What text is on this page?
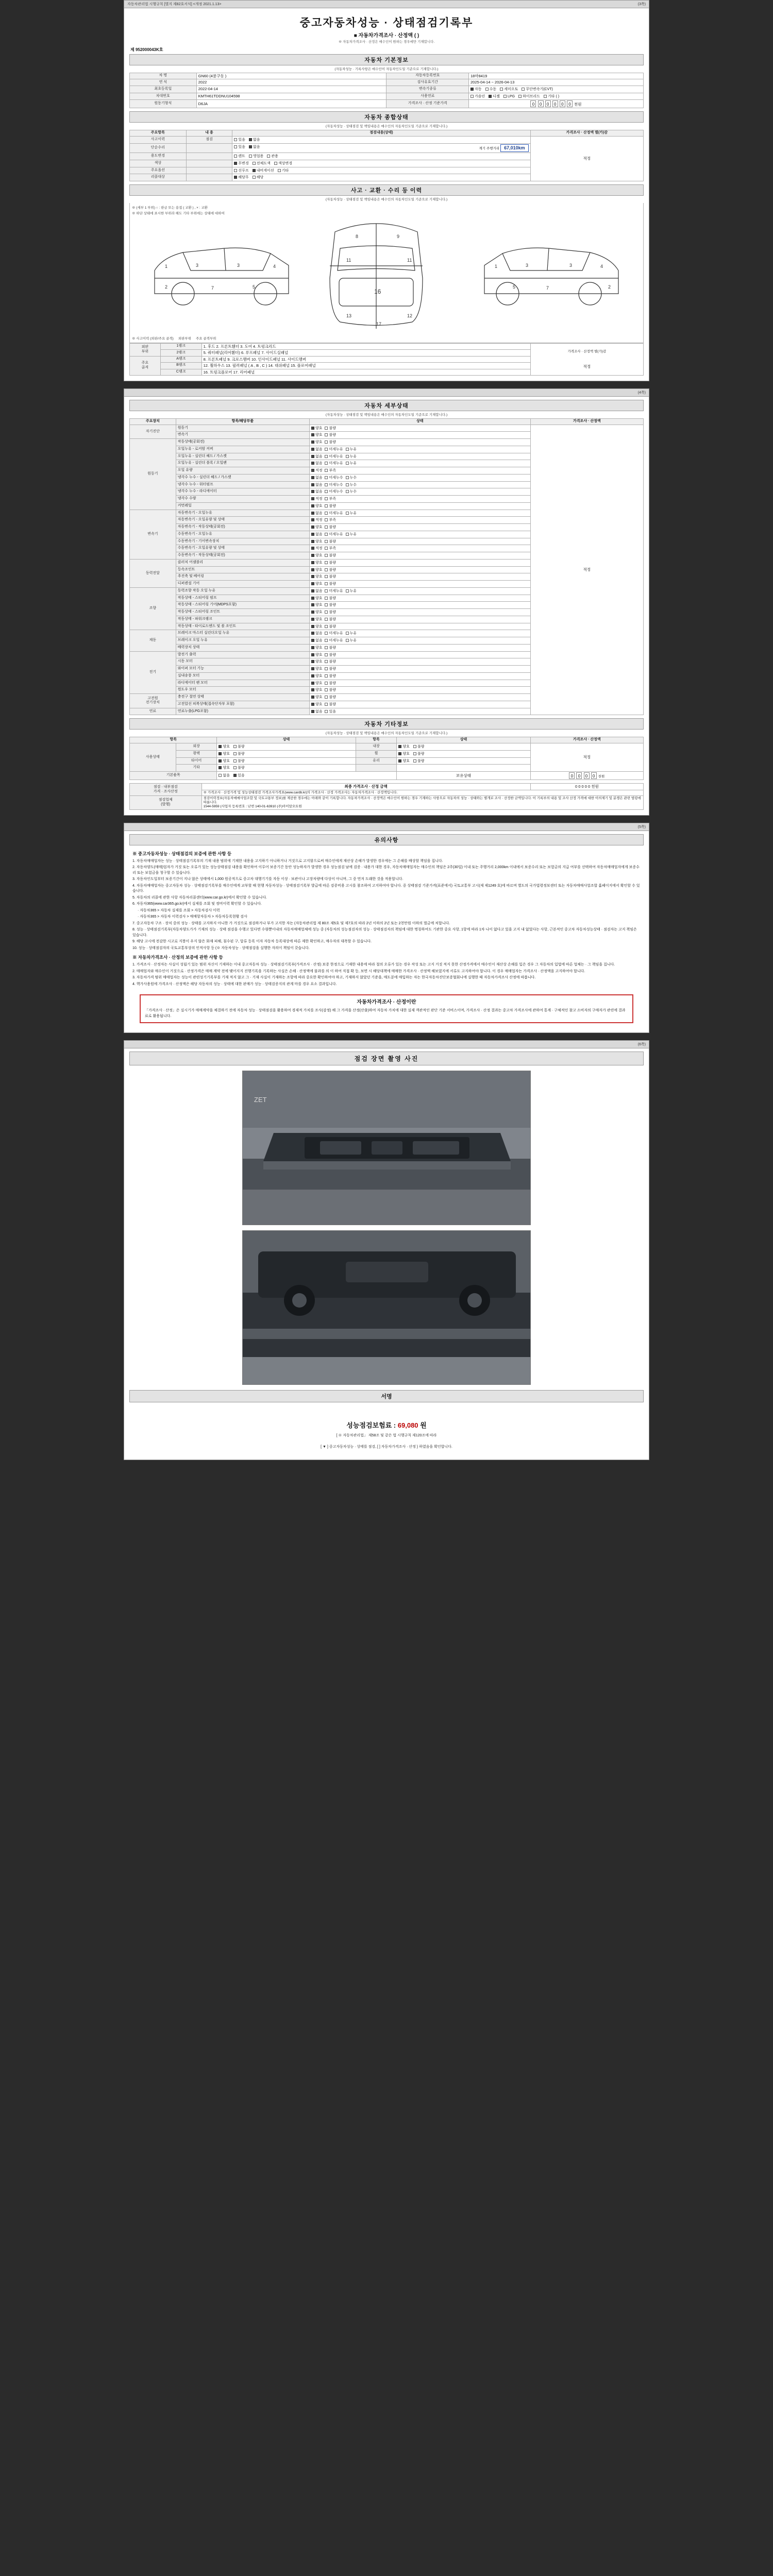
자동차관리법 시행규칙 [별지 제82호서식] <개정 2021.1.13>	(3쪽)
중고자동차성능 · 상태점검기록부
■ 자동차가격조사 · 산정액 ( )
※ 자동차가격조사 · 산정은 매수인이 원하는 경우에만 기재합니다.
제 952000043K호
자동차 기본정보
(자동차성능 · 기록사항은 매수인이 자동차인도일 기준으로 기재합니다.)
차 명	GN60 (4륜구동 )	자동차등록번호	18마8419
연 식	2022	검사유효기간	2025-04-14 ~ 2026-04-13
최초등록일	2022-04-14	변속기종류	자동 수동 세미오토 무단변속기(CVT)
차대번호	KMTH61TDDNU104598	사용연료	가솔린 디젤 LPG 하이브리드 기타 ( )
원동기형식	D6JA	가격조사 · 산정 기준가격	0 0 0 0 0 0 천원
자동차 종합상태
(자동차성능 · 상태점검 및 책임내용은 매수인의 자동차인도일 기준으로 기재합니다.)
주요항목	내 용	점검내용(상태)	가격조사 · 산정액 별(가)감
사고이력	점검	있음 없음	적정

단순수리		있음 없음 계기 주행거리 67,010km	

용도변경		렌트 영업용 관용	
색상		무변경 전체도색 색상변경	
주요옵션		선루프 내비게이션 기타	
리콜대상		해당무 해당	
사고 · 교환 · 수리 등 이력
(자동차성능 · 상태점검 및 책임내용은 매수인의 자동차인도일 기준으로 기재합니다.)
※ (세부 1 부위) ○ : 판금 또는 용접 ( 교환 ) , × : 교환
※ 하단 상태에 표시한 부위라 해도 기타 부위에는 상태에 대하여
16
1	3	3	4
7	5
2
1	3	3	4
7
5	2
8	9
11	11
13	12
17
※ 사고이력 (외판/주요 골격) 외판부위 주요 골격부위
외판
부위	1랭크	1. 후드 2. 프론트휀더 3. 도어 4. 트렁크리드	
가격조사 · 산정액 별(가)감
적정

	2랭크	5. 쿼터패널(리어휀더) 6. 루프패널 7. 사이드실패널	
주요
골격	A랭크	8. 프론트패널 9. 크로스맴버 10. 인사이드패널 11. 사이드멤버	
	B랭크	12. 휠하우스 13. 필러패널 ( A , B , C ) 14. 대쉬패널 15. 플로어패널	
	C랭크	16. 트렁크플로어 17. 리어패널	
(4쪽)
자동차 세부상태
(자동차성능 · 상태점검 및 책임내용은 매수인의 자동차인도일 기준으로 기재합니다.)
주요장치	항목/해당부품	상태	가격조사 · 산정액
자기진단	원동기	양호 불량	적정
	변속기	양호 불량	
원동기	작동상태(공회전)	양호 불량	
	오일누유 - 로커암 커버	없음 미세누유 누유	
	오일누유 - 실린더 헤드 / 가스켓	없음 미세누유 누유	
	오일누유 - 실린더 블록 / 오일팬	없음 미세누유 누유	
	오일 유량	적정 부족	
	냉각수 누수 - 실린더 헤드 / 가스켓	없음 미세누수 누수	
	냉각수 누수 - 워터펌프	없음 미세누수 누수	
	냉각수 누수 - 라디에이터	없음 미세누수 누수	
	냉각수 수량	적정 부족	
	커먼레일	양호 불량	
변속기	자동변속기 - 오일누유	없음 미세누유 누유	
	자동변속기 - 오일유량 및 상태	적정 부족	
	자동변속기 - 작동상태(공회전)	양호 불량	
	수동변속기 - 오일누유	없음 미세누유 누유	
	수동변속기 - 기어변속장치	양호 불량	
	수동변속기 - 오일유량 및 상태	적정 부족	
	수동변속기 - 작동상태(공회전)	양호 불량	
동력전달	클러치 어셈블리	양호 불량	
	등속조인트	양호 불량	
	추진축 및 베어링	양호 불량	
	디퍼렌셜 기어	양호 불량	
조향	동력조향 작동 오일 누유	없음 미세누유 누유	
	작동상태 - 스티어링 펌프	양호 불량	
	작동상태 - 스티어링 기어(MDPS포함)	양호 불량	
	작동상태 - 스티어링 조인트	양호 불량	
	작동상태 - 파워크랭크	양호 불량	
	작동상태 - 타이로드엔드 및 볼 조인트	양호 불량	
제동	브레이크 마스터 실린더오일 누유	없음 미세누유 누유	
	브레이크 오일 누유	없음 미세누유 누유	
	배력장치 상태	양호 불량	
전기	발전기 출력	양호 불량	
	시동 모터	양호 불량	
	와이퍼 모터 기능	양호 불량	
	실내송풍 모터	양호 불량	
	라디에이터 팬 모터	양호 불량	
	윈도우 모터	양호 불량	
고전원
전기장치	충전구 절연 상태	양호 불량	
	고전압선 피복상태(접속단자부 포함)	양호 불량	
연료	연료누출(LPG포함)	없음 있음	
자동차 기타정보
(자동차성능 · 상태점검 및 책임내용은 매수인의 자동차인도일 기준으로 기재합니다.)
항목		상태	항목	상태	가격조사 · 산정액
사용상태	외장	양호 불량	내장	양호 불량	적정
	광택	양호 불량	휠	양호 불량	
	타이어	양호 불량	유리	양호 불량	
	기타	양호 불량			
기본품목		없음 있음		보유상태	0 0 0 0 천원
점검 · 내부점검
가격 · 조사산정	최종 가격조사 · 산정 금액	0 0 0 0 0 천원
	※ 가격조사 · 산정가격 및 성능상태점검 가격조사가격표(www.cardb.kr)의 가격조사 · 산정 가격조사는 자동차가격조사 · 산정액입니다.	
점검업체
(발행)	점검이력정보(자동차매매사업조합 및 국토교통부 정보)를 제공한 경우에는 아래와 같이 기록합니다. 자동차가격조사 · 산정액은 매수인이 원하는 경우 기재하는 사항으로 자동차의 성능 · 상태와는 별개로 조사 · 산정한 금액입니다. 이 기록부의 내용 및 조사 산정 가격에 대한 이의제기 및 분쟁은 관련 법령에 따릅니다.
1544-5959 (사업자 등록번호 : 난번 140-01-63910 (주)아이알오토원	
(5쪽)
유의사항
※ 중고자동차성능 · 상태점검의 보증에 관한 사항 등

1. 자동차매매업자는 성능 · 상태점검기록부의 기재 내용 범위에 기재한 내용을 고지하기 아니하거나 거짓으로 고지함으로써 매수인에게 재산상 손해가 발생한 경우에는 그 손해를 배상할 책임을 집니다.

2. 자동차양도(매매)업자가 거짓 또는 오류가 있는 성능상태점검 내용을 확인하여 이루어 보증기간 동안 성능하자가 발생한 경우 성능점검 남에 검증 · 내용가 대한 경우, 자동차매매업자는 매수인의 책임은 2주(30일) 이내 또는 주행거리 2,000km 이내에서 보증수리 또는 보험금의 지급 여부를 선택하여 자동차매매업자에게 보증수리 또는 보험금을 청구할 수 있습니다.

3. 자동차인도일부터 보증기간이 지나 않은 상태에서 1,000 원공적으로 중고차 대행기기를 자동 이상 · 보관이나 고장차량에 다상이 아니며, 그 중 먼저 도래한 것을 적용합니다.

4. 자동차매매업자는 중고자동차 성능 · 상태점검기록부를 매수인에게 교부할 때 현행 자동차성능 · 상태점검기록부 발급에 따른 검증비용 고시를 참조하여 고지하여야 합니다. 중 상태점검 기준가격(표준에서) 국토교통부 고시(제 제1249 호)에 따르며 별도의 국가법령정보센터 또는 자동차매매사업조합 홈페이지에서 확인할 수 있습니다.

5. 자동차의 리콜에 관한 사항 자동차리콜센터(www.car.go.kr)에서 확인할 수 있습니다.

6. 자동차365(www.car365.go.kr)에서 실제를 조회 및 정비이력 확인할 수 있습니다.

· 자동차365 > 자동차 실제를 조회 > 자동차검사 이력

· 자동차365 > 자동차 이력검사 > 매매항자동차 > 자동차등록현황 검사

7. 중고자동차 구조 · 장치 중의 성능 · 상태를 고지하지 아니한 가 거짓으로 점검하거나 부가 고지한 자는 (자동차관리법 제 80조 제5호 및 제7호의 따라 2년 이하의 2년 또는 2천만원 이하의 벌금에 처합니다.

8. 성능 · 상태점검기록부(자동차양도가가 기재의 성능 · 상태 점검을 수행고 있다면 수량뿐이내의 자동차매매업체에 성능 중 (자동차의 성능점검자의 성능 · 상태점검자의 책임에 대한 명칭하여도 기관한 중요 사항, 1항에 따라 1차 나이 없다고 있을 고지 내 없었다는 사항, 근본적인 중고차 자동차성능상태 · 점검자는 고지 책임은 있습니다.

9. 해당 고시에 전감한 시고로 지붕이 우지 않은 화재 피해, 침수된 구, 압류 등록 이자 자동차 등록대상에 따른 제한 확인하고, 매수자의 대폭할 수 있습니다.

10. 성능 · 상태점검자의 국토교통부상의 인적사항 등 (※ 자동차성능 · 상태점검을 실행한 자의이 책임이 갖습니다.

※ 자동차가격조사 · 산정의 보증에 관한 사항 등

1. 가격조사 · 산정자는 사실이 성립기 있는 범위 자신이 기재하는 이내 중고자동차 성능 · 상태점검기록부(가격조사 · 산정) 보증 한정으로 기재한 내용에 따라 절의 오류가 있는 경우 작성 또는 고지 거짓 적지 못한 산정가격에서 매수인이 재산상 손해를 입은 경우 그 자동차의 입법에 따른 업체는 · 그 책임을 집니다.

2. 매매업자와 매수인이 거짓으로 · 산정가격은 매매 계약 전에 맺어지지 진행기록을 기록하는 사실은 손해 · 산정액에 불과를 의 이 하여 직접 확 등, 보면 시 해당대책에 매매한 가격조사 · 산정액 해보였지에 서류도 고지하여야 합니다. 이 경우 매매업자는 가격조사 · 산정액을 고지하여야 합니다.

3. 자동차가격 범위 매매업자는 성능이 관련성기기록부를 기재 적지 않고 그 · 기재 사실이 기재하는 조항에 따라 중요한 확인하여야 하고, 기재하지 않았던 기준을, 매도분에 매입하는 자는 한국자동차진단보증협회나에 실행한 때 자동차가격조사 산정에 따릅니다.

4. 핵가사용원에 가격조사 · 산정액은 해당 자동차의 성능 · 상태에 대한 판매가 성능 · 상태검증지의 관계 마를 경우 요소 결과입니다.

자동차가격조사 · 산정이란
「가격조사 · 산정」은 실시기가 매매계약을 체결하기 전에 자동차 성능 · 상태점검을 활용하여 경제적 가치를 조사(감정) 해 그 가격을 산정(산출)하여 자동차 가치에 대한 실제 객관적인 판단 기준 서비스이며, 가격조사 · 산정 결과는 중고차 가격조사에 관하여 통계 · 구체적인 참고 소비자의 구매자가 관련에 결과료로 활용됩니다.
(6쪽)
점검 장면 촬영 사진
ZET
서명
성능점검보험료 : 69,080 원
[ ※ 자동차관리법」 제58조 및 같은 법 시행규칙 제120조에 따라
[ ▼ ] 중고자동차성능 · 상태를 점검, [ ] 자동차가격조사 · 산정 } 하였음을 확인합니다.
